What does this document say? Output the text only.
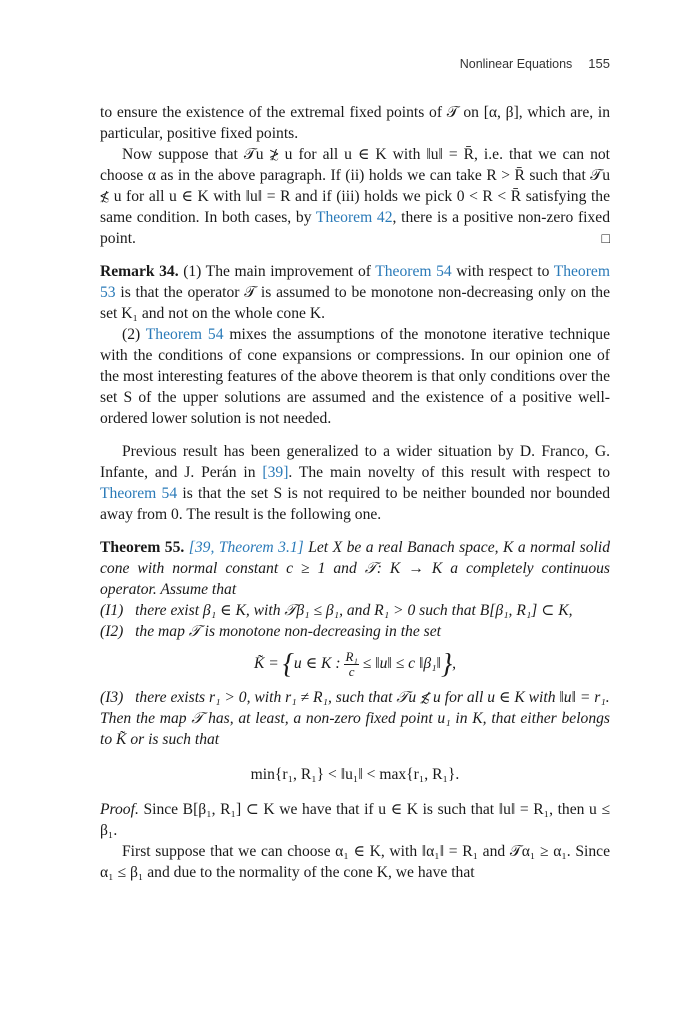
Nonlinear Equations 155

to ensure the existence of the extremal fixed points of 𝒯 on [α, β], which are, in particular, positive fixed points.

Now suppose that 𝒯u ≵ u for all u ∈ K with ‖u‖ = R̄, i.e. that we can not choose α as in the above paragraph. If (ii) holds we can take R > R̄ such that 𝒯u ≴ u for all u ∈ K with ‖u‖ = R and if (iii) holds we pick 0 < R < R̄ satisfying the same condition. In both cases, by Theorem 42, there is a positive non-zero fixed point.	□

Remark 34. (1) The main improvement of Theorem 54 with respect to Theorem 53 is that the operator 𝒯 is assumed to be monotone non-decreasing only on the set K₁ and not on the whole cone K.

(2) Theorem 54 mixes the assumptions of the monotone iterative technique with the conditions of cone expansions or compressions. In our opinion one of the most interesting features of the above theorem is that only conditions over the set S of the upper solutions are assumed and the existence of a positive well-ordered lower solution is not needed.

Previous result has been generalized to a wider situation by D. Franco, G. Infante, and J. Perán in [39]. The main novelty of this result with respect to Theorem 54 is that the set S is not required to be neither bounded nor bounded away from 0. The result is the following one.

Theorem 55. [39, Theorem 3.1] Let X be a real Banach space, K a normal solid cone with normal constant c ≥ 1 and 𝒯: K → K a completely continuous operator. Assume that

(I1) there exist β₁ ∈ K, with 𝒯β₁ ≤ β₁, and R₁ > 0 such that B[β₁, R₁] ⊂ K,

(I2) the map 𝒯 is monotone non-decreasing in the set

K̃ = {u ∈ K : $\frac{\text{R₁}}{c}$ ≤ ‖u‖ ≤ c ‖β₁‖},

(I3) there exists r₁ > 0, with r₁ ≠ R₁, such that 𝒯u ≴ u for all u ∈ K with ‖u‖ = r₁.

Then the map 𝒯 has, at least, a non-zero fixed point u₁ in K, that either belongs to K̃ or is such that

min{r₁, R₁} < ‖u₁‖ < max{r₁, R₁}.

Proof. Since B[β₁, R₁] ⊂ K we have that if u ∈ K is such that ‖u‖ = R₁, then u ≤ β₁.

First suppose that we can choose α₁ ∈ K, with ‖α₁‖ = R₁ and 𝒯α₁ ≥ α₁. Since α₁ ≤ β₁ and due to the normality of the cone K, we have that
